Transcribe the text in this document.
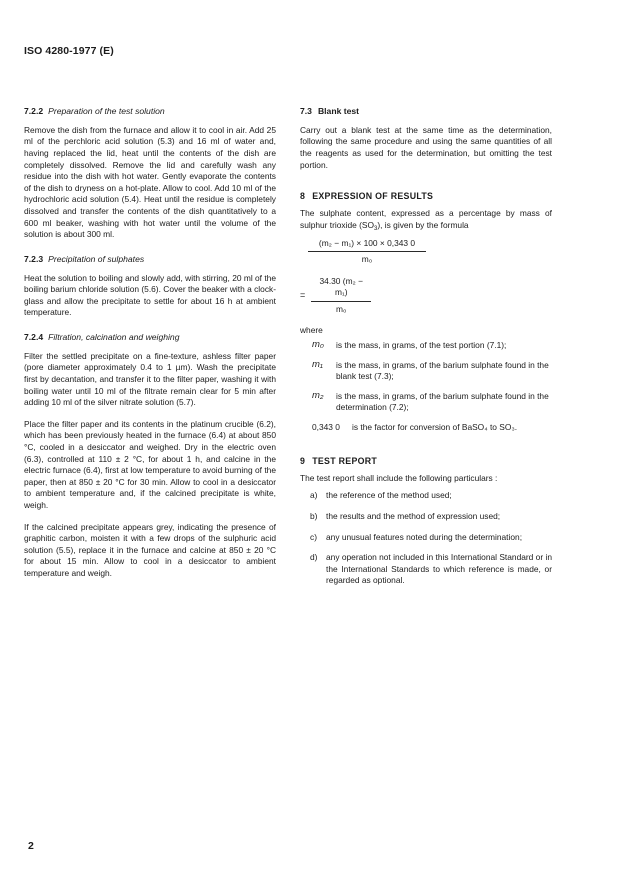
ISO 4280-1977 (E)
7.2.2 Preparation of the test solution

Remove the dish from the furnace and allow it to cool in air. Add 25 ml of the perchloric acid solution (5.3) and 16 ml of water and, having replaced the lid, heat until the contents of the dish are completely dissolved. Remove the lid and carefully wash any residue into the dish with hot water. Gently evaporate the contents of the dish to dryness on a hot-plate. Allow to cool. Add 10 ml of the hydrochloric acid solution (5.4). Heat until the residue is completely dissolved and transfer the contents of the dish quantitatively to a 600 ml beaker, washing with hot water until the volume of the solution is about 300 ml.

7.2.3 Precipitation of sulphates

Heat the solution to boiling and slowly add, with stirring, 20 ml of the boiling barium chloride solution (5.6). Cover the beaker with a clock-glass and allow the precipitate to settle for about 16 h at ambient temperature.

7.2.4 Filtration, calcination and weighing

Filter the settled precipitate on a fine-texture, ashless filter paper (pore diameter approximately 0.4 to 1 µm). Wash the precipitate first by decantation, and transfer it to the filter paper, washing it with boiling water until 10 ml of the filtrate remain clear for 5 min after adding 10 ml of the silver nitrate solution (5.7).

Place the filter paper and its contents in the platinum crucible (6.2), which has been previously heated in the furnace (6.4) at about 850 °C, cooled in a desiccator and weighed. Dry in the electric oven (6.3), controlled at 110 ± 2 °C, for about 1 h, and calcine in the electric furnace (6.4), first at low temperature to avoid burning of the paper, then at 850 ± 20 °C for 30 min. Allow to cool in a desiccator to ambient temperature and, if the calcined precipitate is white, weigh.

If the calcined precipitate appears grey, indicating the presence of graphitic carbon, moisten it with a few drops of the sulphuric acid solution (5.5), replace it in the furnace and calcine at 850 ± 20 °C for about 15 min. Allow to cool in a desiccator to ambient temperature and weigh.

7.3 Blank test

Carry out a blank test at the same time as the determination, following the same procedure and using the same quantities of all the reagents as used for the determination, but omitting the test portion.

8 EXPRESSION OF RESULTS

The sulphate content, expressed as a percentage by mass of sulphur trioxide $(SO_3)$, is given by the formula

$\frac{\text{(m₂ − m₁) × 100 × 0,343 0}}{\text{m₀}}$
= $\frac{\text{34.30 (m₂ − m₁)}}{\text{m₀}}$
where
m₀	is the mass, in grams, of the test portion (7.1);
m₁	is the mass, in grams, of the barium sulphate found in the blank test (7.3);
m₂	is the mass, in grams, of the barium sulphate found in the determination (7.2);
0,343 0	is the factor for conversion of BaSO₄ to SO₃.
9 TEST REPORT

The test report shall include the following particulars :

a)	the reference of the method used;
b)	the results and the method of expression used;
c)	any unusual features noted during the determination;
d)	any operation not included in this International Standard or in the International Standards to which reference is made, or regarded as optional.
2
